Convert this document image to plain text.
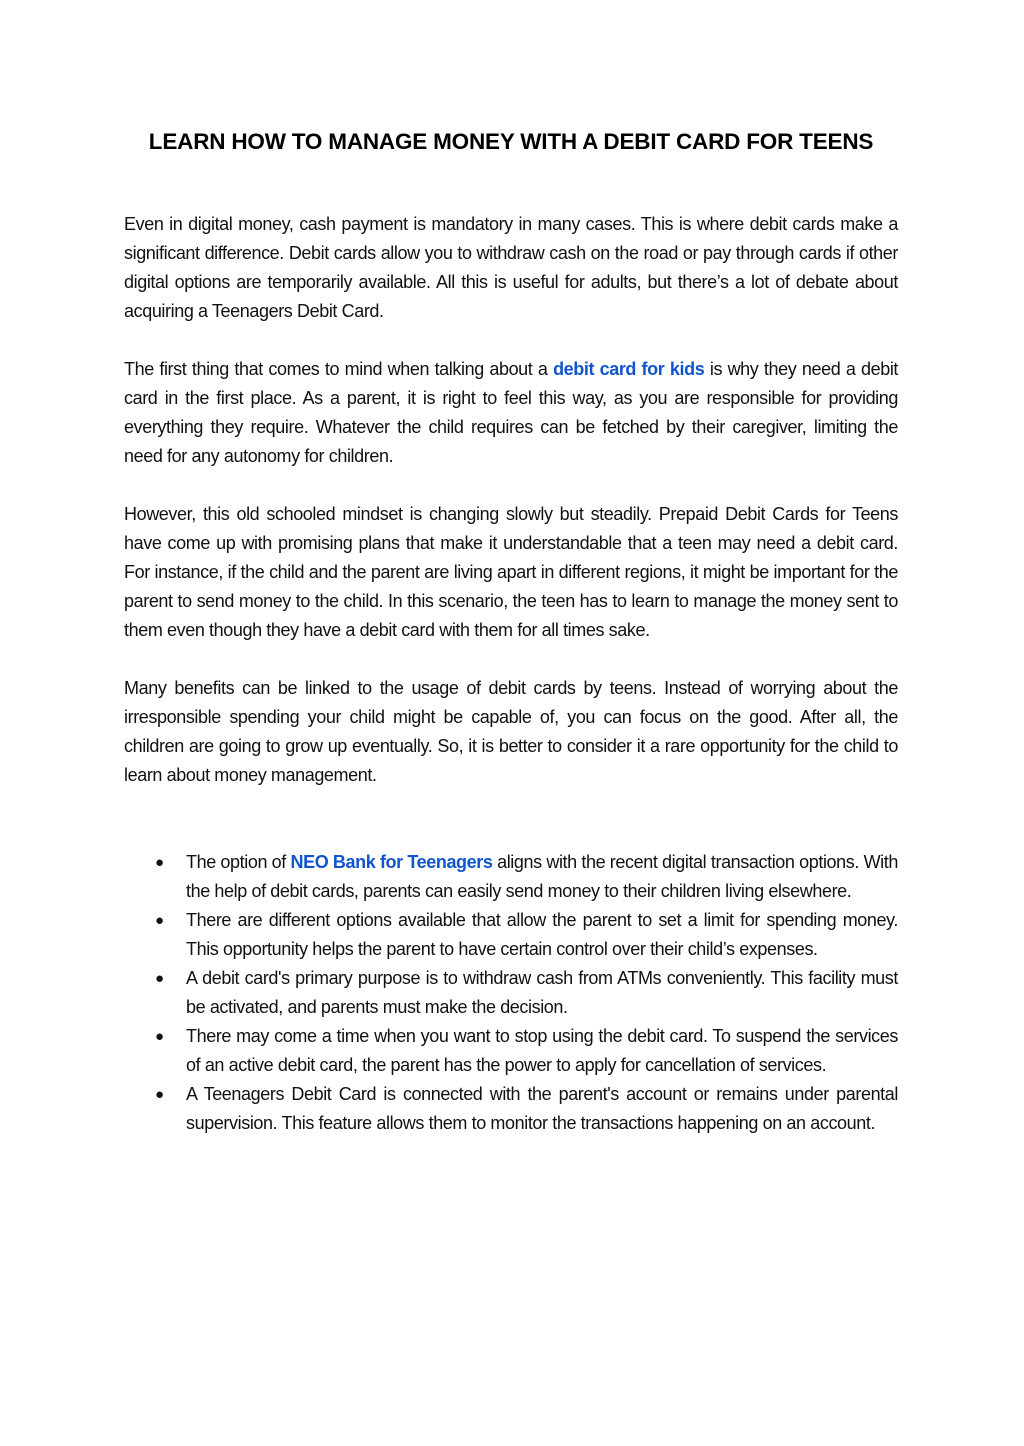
LEARN HOW TO MANAGE MONEY WITH A DEBIT CARD FOR TEENS

Even in digital money, cash payment is mandatory in many cases. This is where debit cards make a significant difference. Debit cards allow you to withdraw cash on the road or pay through cards if other digital options are temporarily available. All this is useful for adults, but there’s a lot of debate about acquiring a Teenagers Debit Card.

The first thing that comes to mind when talking about a debit card for kids is why they need a debit card in the first place. As a parent, it is right to feel this way, as you are responsible for providing everything they require. Whatever the child requires can be fetched by their caregiver, limiting the need for any autonomy for children.

However, this old schooled mindset is changing slowly but steadily. Prepaid Debit Cards for Teens have come up with promising plans that make it understandable that a teen may need a debit card. For instance, if the child and the parent are living apart in different regions, it might be important for the parent to send money to the child. In this scenario, the teen has to learn to manage the money sent to them even though they have a debit card with them for all times sake.

Many benefits can be linked to the usage of debit cards by teens. Instead of worrying about the irresponsible spending your child might be capable of, you can focus on the good. After all, the children are going to grow up eventually. So, it is better to consider it a rare opportunity for the child to learn about money management.

● The option of NEO Bank for Teenagers aligns with the recent digital transaction options. With the help of debit cards, parents can easily send money to their children living elsewhere.
● There are different options available that allow the parent to set a limit for spending money. This opportunity helps the parent to have certain control over their child’s expenses.
● A debit card's primary purpose is to withdraw cash from ATMs conveniently. This facility must be activated, and parents must make the decision.
● There may come a time when you want to stop using the debit card. To suspend the services of an active debit card, the parent has the power to apply for cancellation of services.
● A Teenagers Debit Card is connected with the parent's account or remains under parental supervision. This feature allows them to monitor the transactions happening on an account.
